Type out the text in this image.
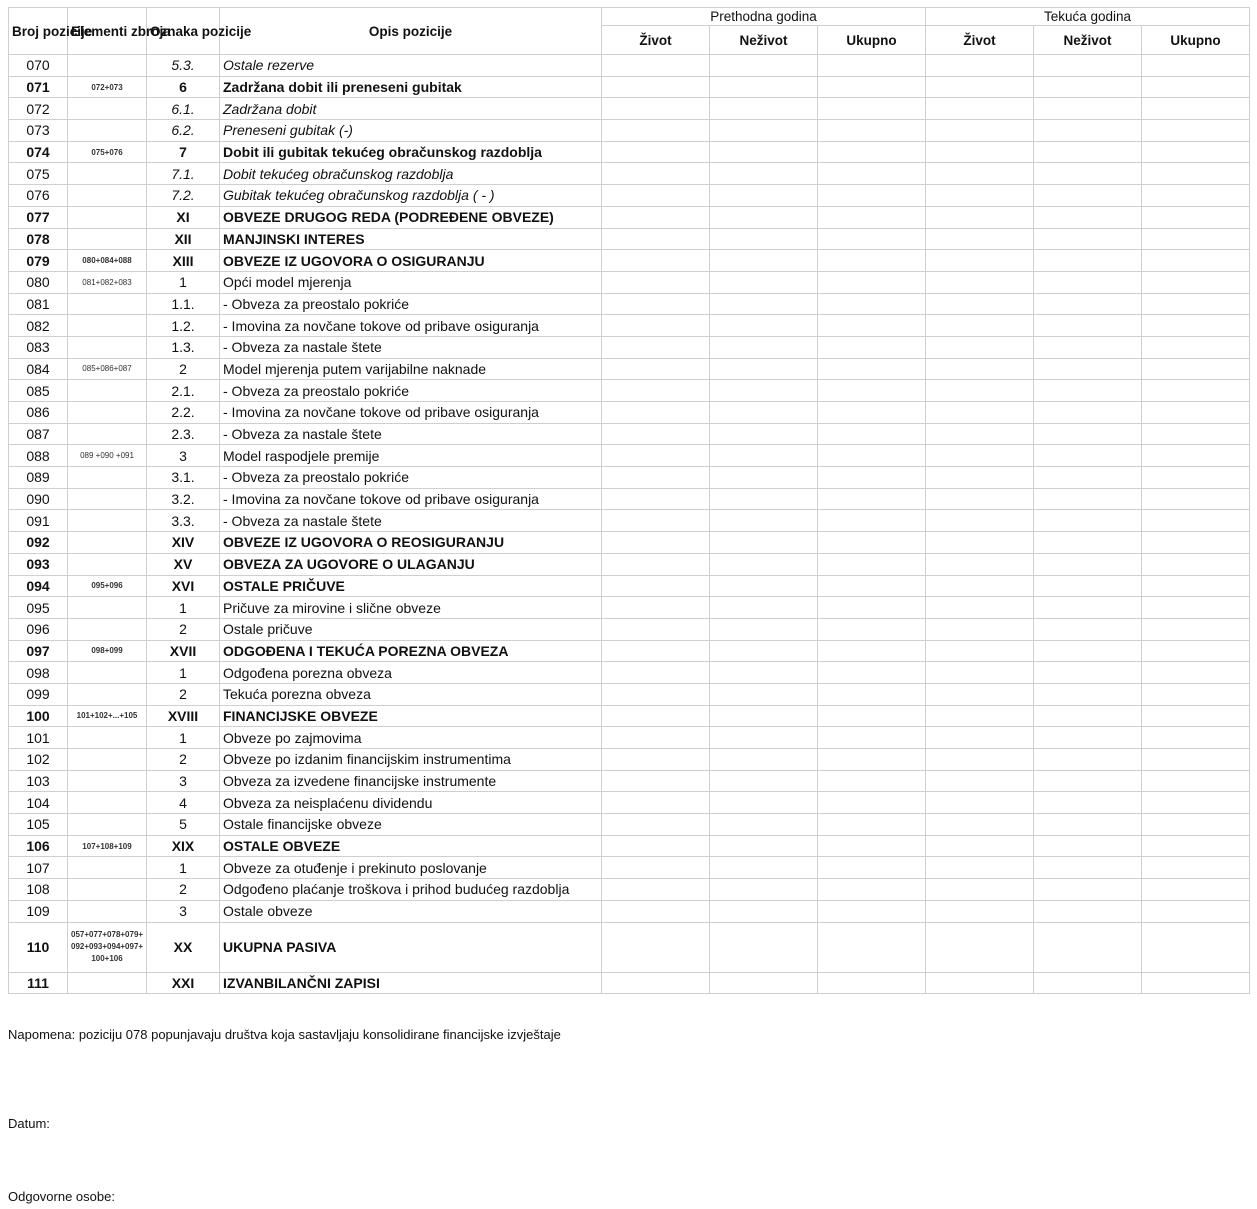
Broj pozicije	Elementi zbroja	Oznaka pozicije	Opis pozicije	Prethodna godina			Tekuća godina		
				Život	Neživot	Ukupno	Život	Neživot	Ukupno
070		5.3.	Ostale rezerve						
071	072+073	6	Zadržana dobit ili preneseni gubitak						
072		6.1.	Zadržana dobit						
073		6.2.	Preneseni gubitak (-)						
074	075+076	7	Dobit ili gubitak tekućeg obračunskog razdoblja						
075		7.1.	Dobit tekućeg obračunskog razdoblja						
076		7.2.	Gubitak tekućeg obračunskog razdoblja ( - )						
077		XI	OBVEZE DRUGOG REDA (PODREĐENE OBVEZE)						
078		XII	MANJINSKI INTERES						
079	080+084+088	XIII	OBVEZE IZ UGOVORA O OSIGURANJU						
080	081+082+083	1	Opći model mjerenja						
081		1.1.	- Obveza za preostalo pokriće						
082		1.2.	- Imovina za novčane tokove od pribave osiguranja						
083		1.3.	- Obveza za nastale štete						
084	085+086+087	2	Model mjerenja putem varijabilne naknade						
085		2.1.	- Obveza za preostalo pokriće						
086		2.2.	- Imovina za novčane tokove od pribave osiguranja						
087		2.3.	- Obveza za nastale štete						
088	089 +090 +091	3	Model raspodjele premije						
089		3.1.	- Obveza za preostalo pokriće						
090		3.2.	- Imovina za novčane tokove od pribave osiguranja						
091		3.3.	- Obveza za nastale štete						
092		XIV	OBVEZE IZ UGOVORA O REOSIGURANJU						
093		XV	OBVEZA ZA UGOVORE O ULAGANJU						
094	095+096	XVI	OSTALE PRIČUVE						
095		1	Pričuve za mirovine i slične obveze						
096		2	Ostale pričuve						
097	098+099	XVII	ODGOĐENA I TEKUĆA POREZNA OBVEZA						
098		1	Odgođena porezna obveza						
099		2	Tekuća porezna obveza						
100	101+102+...+105	XVIII	FINANCIJSKE OBVEZE						
101		1	Obveze po zajmovima						
102		2	Obveze po izdanim financijskim instrumentima						
103		3	Obveza za izvedene financijske instrumente						
104		4	Obveza za neisplaćenu dividendu						
105		5	Ostale financijske obveze						
106	107+108+109	XIX	OSTALE OBVEZE						
107		1	Obveze za otuđenje i prekinuto poslovanje						
108		2	Odgođeno plaćanje troškova i prihod budućeg razdoblja						
109		3	Ostale obveze						
110	057+077+078+079+ 092+093+094+097+ 100+106	XX	UKUPNA PASIVA						
111		XXI	IZVANBILANČNI ZAPISI						
Napomena: poziciju 078 popunjavaju društva koja sastavljaju konsolidirane financijske izvještaje
Datum:
Odgovorne osobe:
